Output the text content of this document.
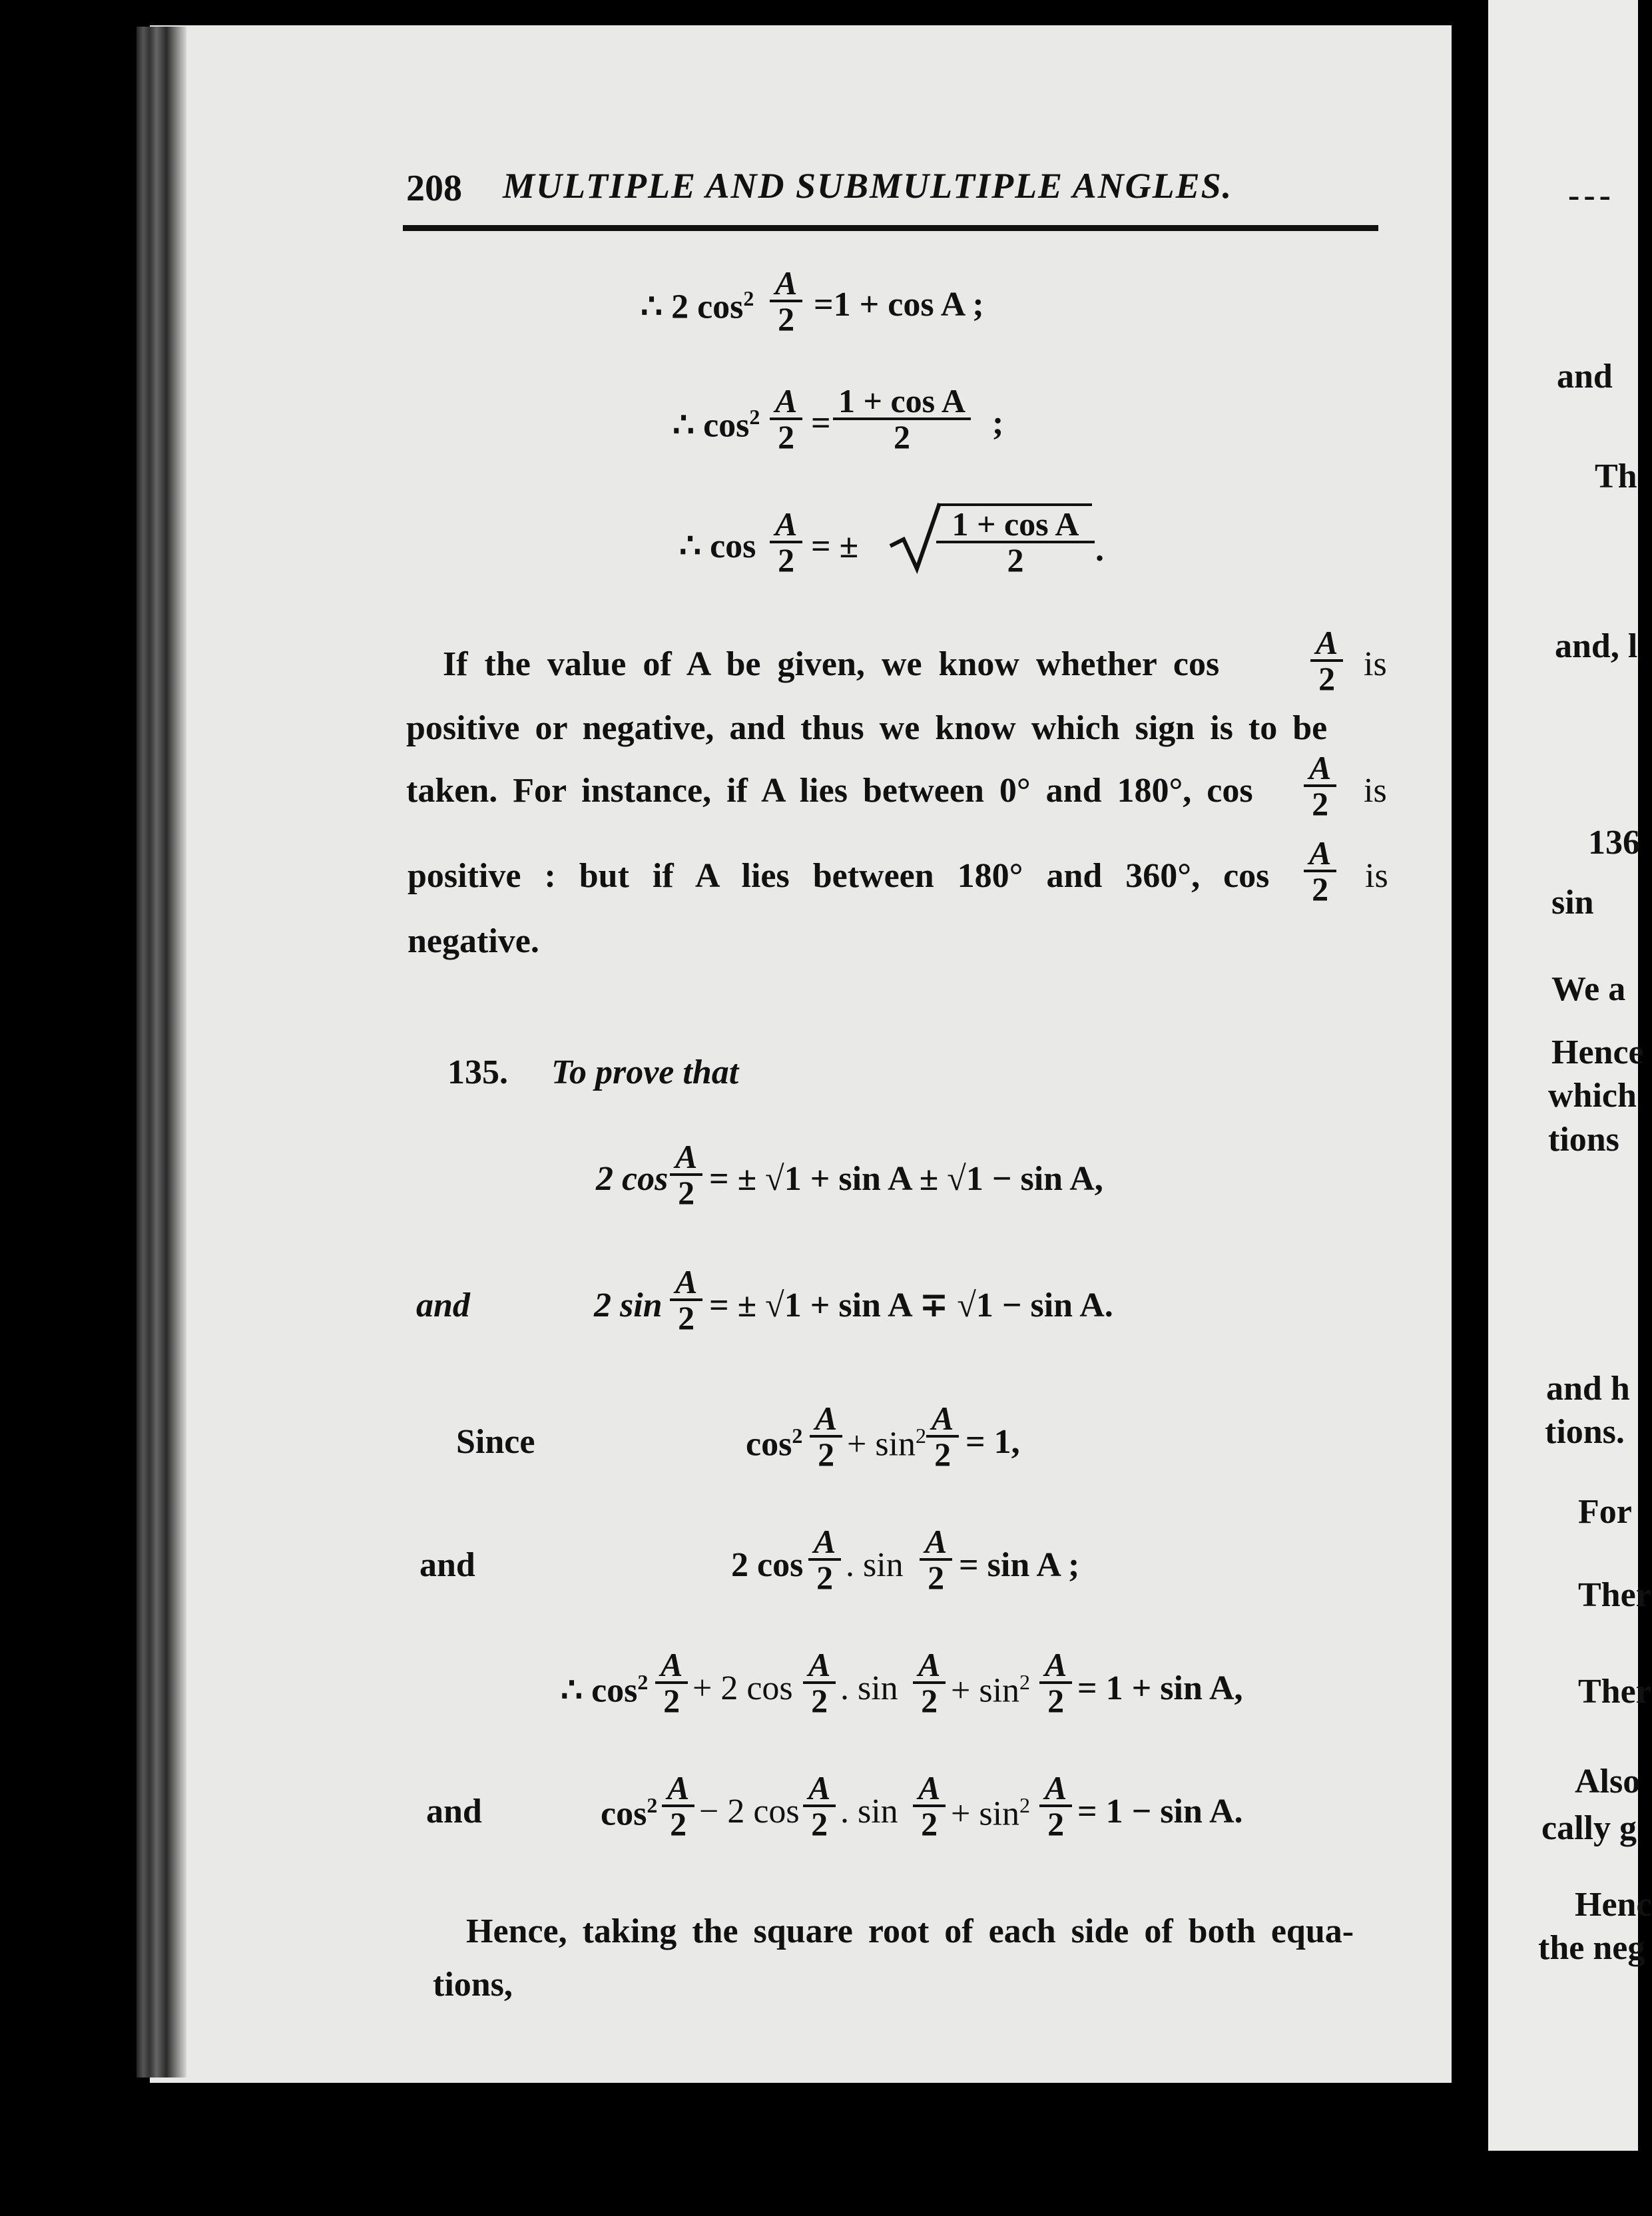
208 MULTIPLE AND SUBMULTIPLE ANGLES.
∴ 2 $\cos^2 \frac{A}{2} =1 + \cos A$ ;
∴ $\cos^2 \frac{A}{2} = \frac{\text{1 + cos A}}{2}$ ;
∴ $\cos \frac{A}{2}$ = ± $\frac{\text{1 + cos A}}{2}$ .
If the value of A be given, we know whether cos	$\frac{A}{2}$ is
positive or negative, and thus we know which sign is to be
taken. For instance, if A lies between 0° and 180°, $\cos \frac{A}{2}$ is
positive : but if A lies between 180° and 360°, $\cos \frac{A}{2}$ is
negative.
135. To prove that
2 $\cos \frac{A}{2}$ = ± √1 + sin A ± √1 − sin A,
and	2 $\sin \frac{A}{2}$ = ± √1 + sin A ∓ √1 − sin A.
Since	$\cos^2 \frac{A}{2} + \sin^2 \frac{A}{2} = 1$,
and	2 $\cos \frac{A}{2}$ . $\sin \frac{A}{2} = \sin A$ ;
∴ $\cos^2 \frac{A}{2} + 2$ $\cos \frac{A}{2}$ . $\sin \frac{A}{2} + \sin^2 \frac{A}{2} = 1 + \sin A$,
and	$\cos^2 \frac{A}{2} - 2$ $\cos \frac{A}{2}$ . $\sin \frac{A}{2} + \sin^2 \frac{A}{2} = 1 - \sin A$.
Hence, taking the square root of each side of both equa-
tions,
---
and
Th
and, l
136
sin
We a
Hence
which
tions
and h
tions.
For
Ther
Ther
Also
cally g
Henc
the neg
